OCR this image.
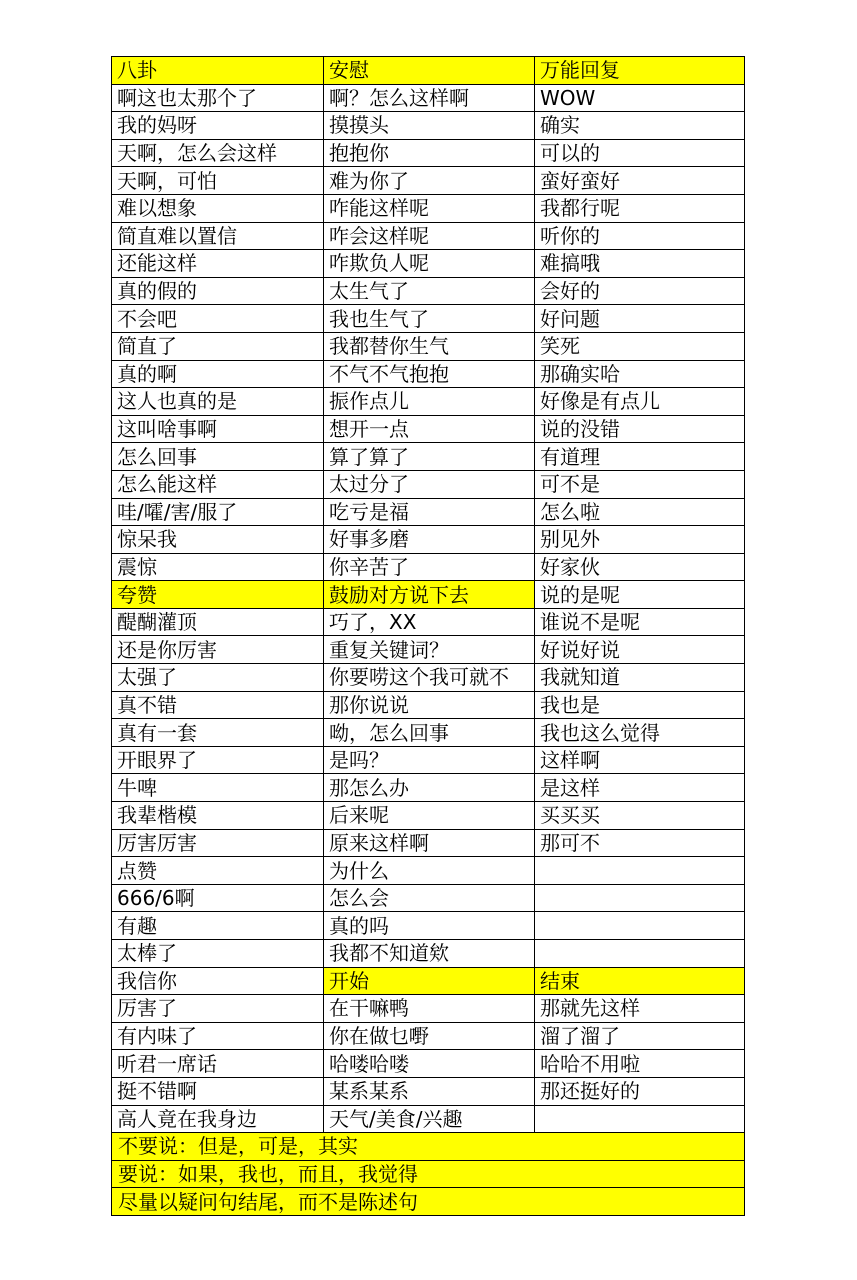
八卦	安慰	万能回复
啊这也太那个了	啊？怎么这样啊	WOW
我的妈呀	摸摸头	确实
天啊，怎么会这样	抱抱你	可以的
天啊，可怕	难为你了	蛮好蛮好
难以想象	咋能这样呢	我都行呢
简直难以置信	咋会这样呢	听你的
还能这样	咋欺负人呢	难搞哦
真的假的	太生气了	会好的
不会吧	我也生气了	好问题
简直了	我都替你生气	笑死
真的啊	不气不气抱抱	那确实哈
这人也真的是	振作点儿	好像是有点儿
这叫啥事啊	想开一点	说的没错
怎么回事	算了算了	有道理
怎么能这样	太过分了	可不是
哇/嚯/害/服了	吃亏是福	怎么啦
惊呆我	好事多磨	别见外
震惊	你辛苦了	好家伙
夸赞	鼓励对方说下去	说的是呢
醍醐灌顶	巧了，XX	谁说不是呢
还是你厉害	重复关键词？	好说好说
太强了	你要唠这个我可就不	我就知道
真不错	那你说说	我也是
真有一套	呦，怎么回事	我也这么觉得
开眼界了	是吗？	这样啊
牛啤	那怎么办	是这样
我辈楷模	后来呢	买买买
厉害厉害	原来这样啊	那可不
点赞	为什么	
666/6啊	怎么会	
有趣	真的吗	
太棒了	我都不知道欸	
我信你	开始	结束
厉害了	在干嘛鸭	那就先这样
有内味了	你在做乜嘢	溜了溜了
听君一席话	哈喽哈喽	哈哈不用啦
挺不错啊	某系某系	那还挺好的
高人竟在我身边	天气/美食/兴趣	
不要说：但是，可是，其实		
要说：如果，我也，而且，我觉得		
尽量以疑问句结尾，而不是陈述句		
